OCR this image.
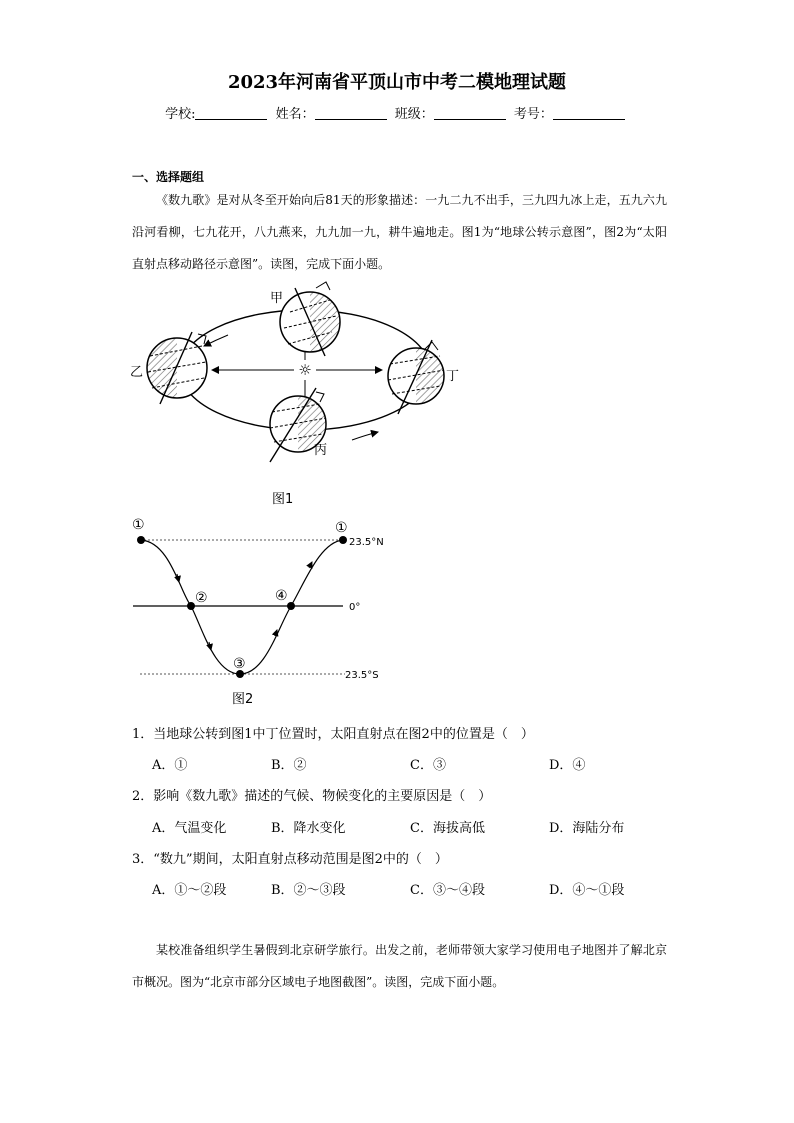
2023年河南省平顶山市中考二模地理试题
学校:	姓名：	班级：	考号：
一、选择题组
《数九歌》是对从冬至开始向后81天的形象描述：一九二九不出手，三九四九冰上走，五九六九沿河看柳，七九花开，八九燕来，九九加一九，耕牛遍地走。图1为“地球公转示意图”，图2为“太阳直射点移动路径示意图”。读图，完成下面小题。
☼
甲
乙
丙
丁
图1
①	①
②
③
④
23.5°N
0°
23.5°S
图2
1．当地球公转到图1中丁位置时，太阳直射点在图2中的位置是（　）
A．①	B．②	C．③	D．④
2．影响《数九歌》描述的气候、物候变化的主要原因是（　）
A．气温变化	B．降水变化	C．海拔高低	D．海陆分布
3．“数九”期间，太阳直射点移动范围是图2中的（　）
A．①～②段	B．②～③段	C．③～④段	D．④～①段
某校准备组织学生暑假到北京研学旅行。出发之前，老师带领大家学习使用电子地图并了解北京市概况。图为“北京市部分区域电子地图截图”。读图，完成下面小题。
